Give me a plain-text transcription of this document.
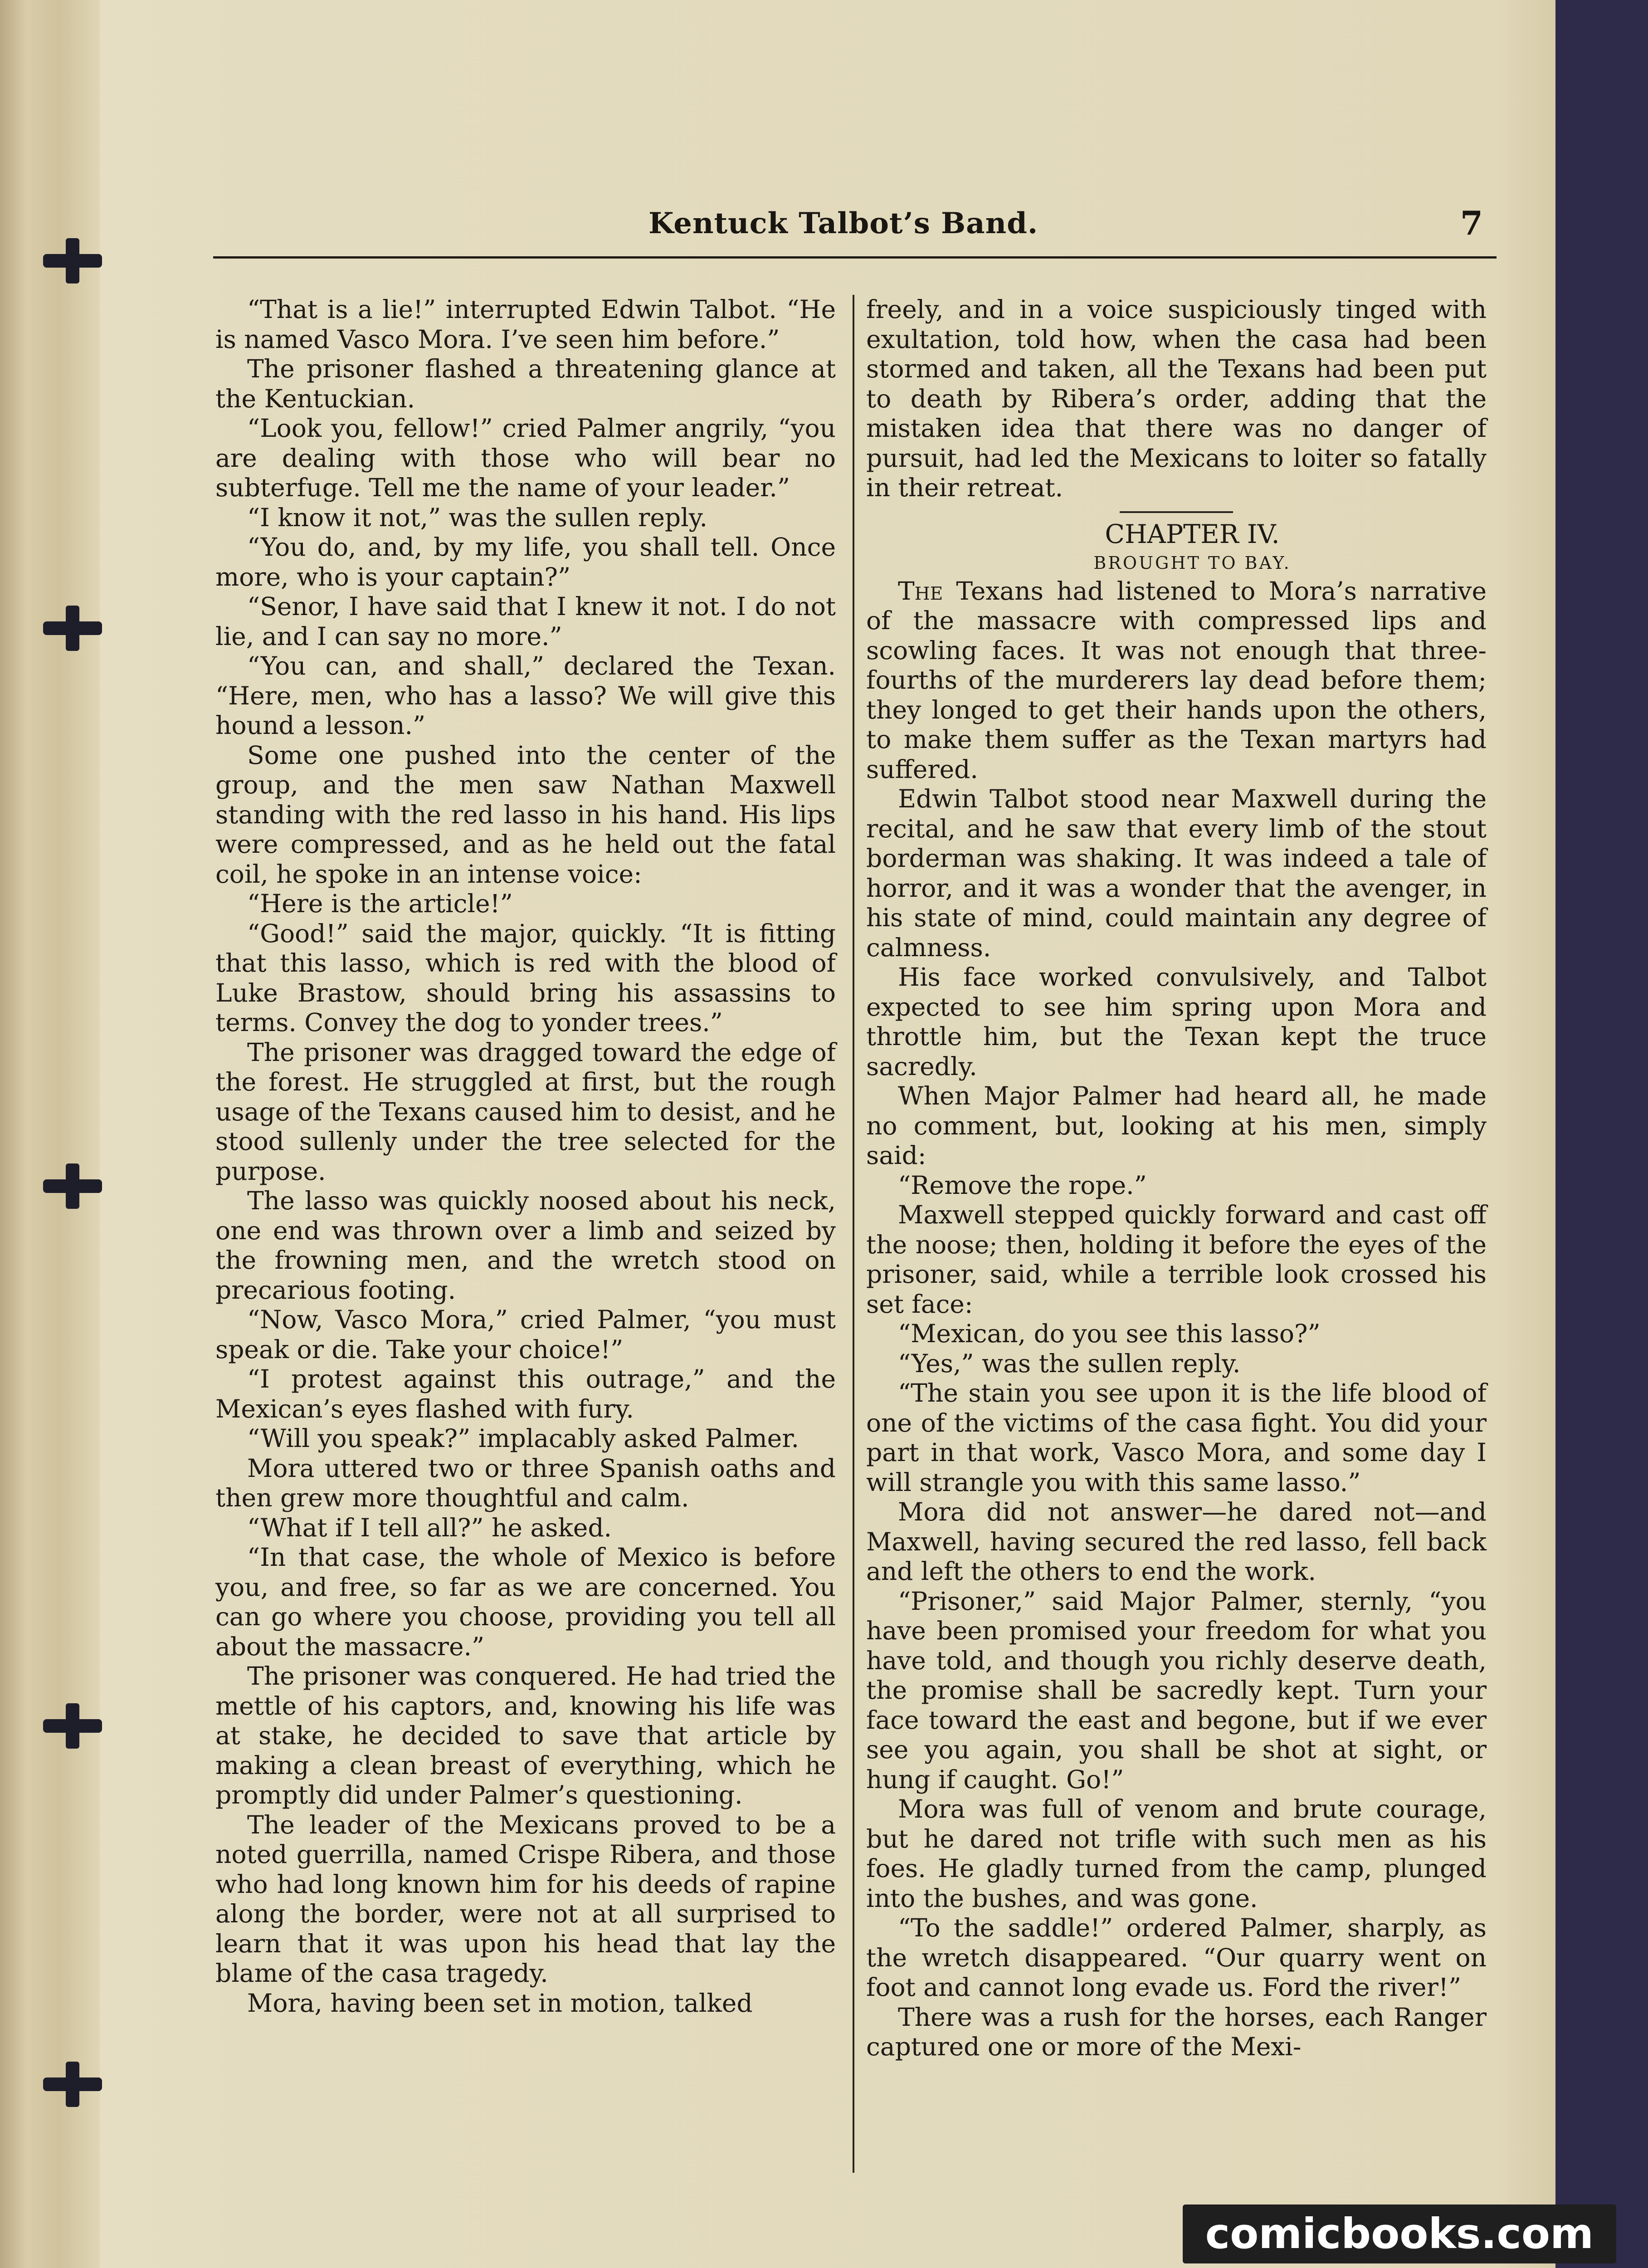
Kentuck Talbot’s Band.	7

“That is a lie!” interrupted Edwin Talbot. “He is named Vasco Mora. I’ve seen him before.”

The prisoner flashed a threatening glance at the Kentuckian.

“Look you, fellow!” cried Palmer angrily, “you are dealing with those who will bear no subterfuge. Tell me the name of your leader.”

“I know it not,” was the sullen reply.

“You do, and, by my life, you shall tell. Once more, who is your captain?”

“Senor, I have said that I knew it not. I do not lie, and I can say no more.”

“You can, and shall,” declared the Texan. “Here, men, who has a lasso? We will give this hound a lesson.”

Some one pushed into the center of the group, and the men saw Nathan Maxwell standing with the red lasso in his hand. His lips were compressed, and as he held out the fatal coil, he spoke in an intense voice:

“Here is the article!”

“Good!” said the major, quickly. “It is fitting that this lasso, which is red with the blood of Luke Brastow, should bring his assassins to terms. Convey the dog to yonder trees.”

The prisoner was dragged toward the edge of the forest. He struggled at first, but the rough usage of the Texans caused him to desist, and he stood sullenly under the tree selected for the purpose.

The lasso was quickly noosed about his neck, one end was thrown over a limb and seized by the frowning men, and the wretch stood on precarious footing.

“Now, Vasco Mora,” cried Palmer, “you must speak or die. Take your choice!”

“I protest against this outrage,” and the Mexican’s eyes flashed with fury.

“Will you speak?” implacably asked Palmer.

Mora uttered two or three Spanish oaths and then grew more thoughtful and calm.

“What if I tell all?” he asked.

“In that case, the whole of Mexico is before you, and free, so far as we are concerned. You can go where you choose, providing you tell all about the massacre.”

The prisoner was conquered. He had tried the mettle of his captors, and, knowing his life was at stake, he decided to save that article by making a clean breast of everything, which he promptly did under Palmer’s questioning.

The leader of the Mexicans proved to be a noted guerrilla, named Crispe Ribera, and those who had long known him for his deeds of rapine along the border, were not at all surprised to learn that it was upon his head that lay the blame of the casa tragedy.

Mora, having been set in motion, talked

freely, and in a voice suspiciously tinged with exultation, told how, when the casa had been stormed and taken, all the Texans had been put to death by Ribera’s order, adding that the mistaken idea that there was no danger of pursuit, had led the Mexicans to loiter so fatally in their retreat.

CHAPTER IV.

BROUGHT TO BAY.

The Texans had listened to Mora’s narrative of the massacre with compressed lips and scowling faces. It was not enough that three-fourths of the murderers lay dead before them; they longed to get their hands upon the others, to make them suffer as the Texan martyrs had suffered.

Edwin Talbot stood near Maxwell during the recital, and he saw that every limb of the stout borderman was shaking. It was indeed a tale of horror, and it was a wonder that the avenger, in his state of mind, could maintain any degree of calmness.

His face worked convulsively, and Talbot expected to see him spring upon Mora and throttle him, but the Texan kept the truce sacredly.

When Major Palmer had heard all, he made no comment, but, looking at his men, simply said:

“Remove the rope.”

Maxwell stepped quickly forward and cast off the noose; then, holding it before the eyes of the prisoner, said, while a terrible look crossed his set face:

“Mexican, do you see this lasso?”

“Yes,” was the sullen reply.

“The stain you see upon it is the life blood of one of the victims of the casa fight. You did your part in that work, Vasco Mora, and some day I will strangle you with this same lasso.”

Mora did not answer—he dared not—and Maxwell, having secured the red lasso, fell back and left the others to end the work.

“Prisoner,” said Major Palmer, sternly, “you have been promised your freedom for what you have told, and though you richly deserve death, the promise shall be sacredly kept. Turn your face toward the east and begone, but if we ever see you again, you shall be shot at sight, or hung if caught. Go!”

Mora was full of venom and brute courage, but he dared not trifle with such men as his foes. He gladly turned from the camp, plunged into the bushes, and was gone.

“To the saddle!” ordered Palmer, sharply, as the wretch disappeared. “Our quarry went on foot and cannot long evade us. Ford the river!”

There was a rush for the horses, each Ranger captured one or more of the Mexi-

comicbooks.com
